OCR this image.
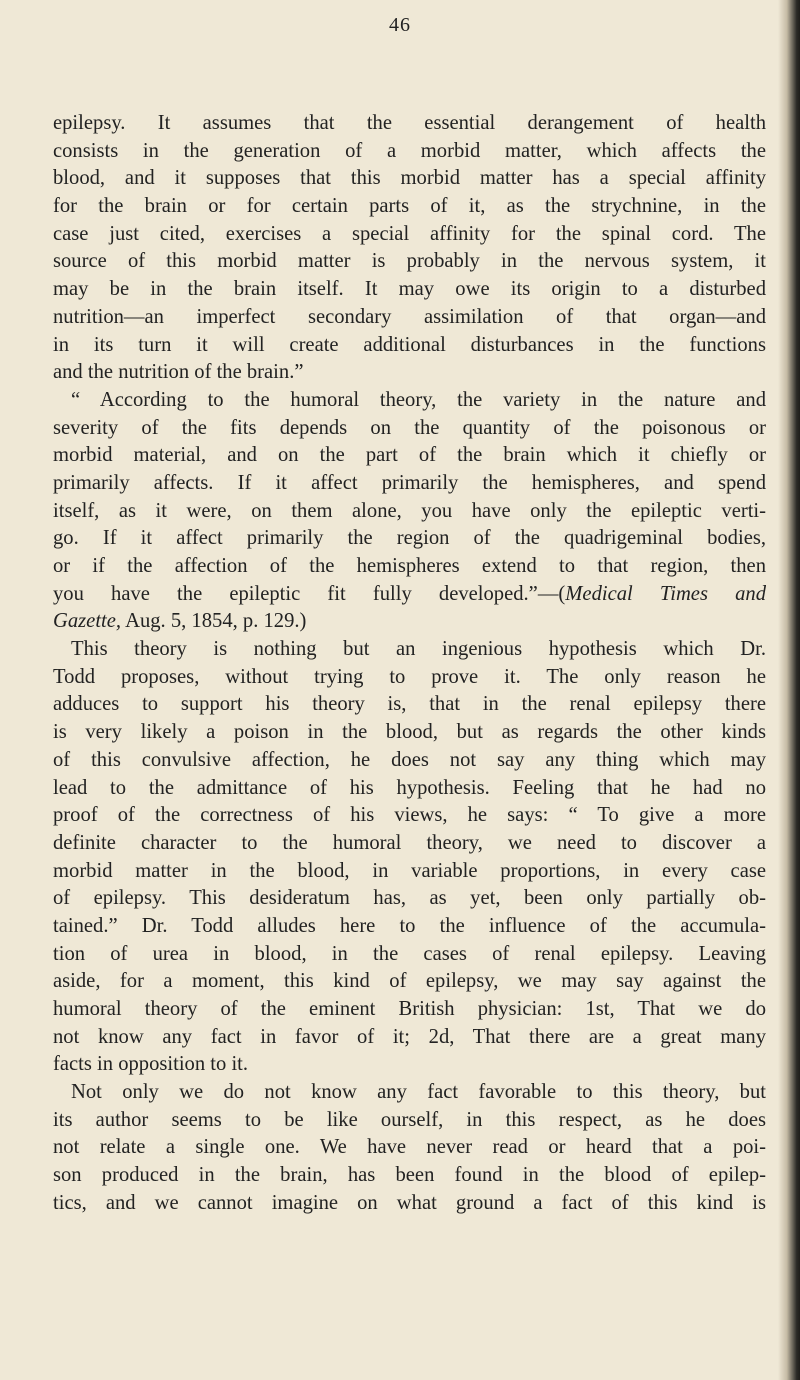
46
epilepsy. It assumes that the essential derangement of health
consists in the generation of a morbid matter, which affects the
blood, and it supposes that this morbid matter has a special affinity
for the brain or for certain parts of it, as the strychnine, in the
case just cited, exercises a special affinity for the spinal cord. The
source of this morbid matter is probably in the nervous system, it
may be in the brain itself. It may owe its origin to a disturbed
nutrition—an imperfect secondary assimilation of that organ—and
in its turn it will create additional disturbances in the functions
and the nutrition of the brain.”
“ According to the humoral theory, the variety in the nature and
severity of the fits depends on the quantity of the poisonous or
morbid material, and on the part of the brain which it chiefly or
primarily affects. If it affect primarily the hemispheres, and spend
itself, as it were, on them alone, you have only the epileptic verti-
go. If it affect primarily the region of the quadrigeminal bodies,
or if the affection of the hemispheres extend to that region, then
you have the epileptic fit fully developed.”—(Medical Times and
Gazette, Aug. 5, 1854, p. 129.)
This theory is nothing but an ingenious hypothesis which Dr.
Todd proposes, without trying to prove it. The only reason he
adduces to support his theory is, that in the renal epilepsy there
is very likely a poison in the blood, but as regards the other kinds
of this convulsive affection, he does not say any thing which may
lead to the admittance of his hypothesis. Feeling that he had no
proof of the correctness of his views, he says: “ To give a more
definite character to the humoral theory, we need to discover a
morbid matter in the blood, in variable proportions, in every case
of epilepsy. This desideratum has, as yet, been only partially ob-
tained.” Dr. Todd alludes here to the influence of the accumula-
tion of urea in blood, in the cases of renal epilepsy. Leaving
aside, for a moment, this kind of epilepsy, we may say against the
humoral theory of the eminent British physician: 1st, That we do
not know any fact in favor of it; 2d, That there are a great many
facts in opposition to it.
Not only we do not know any fact favorable to this theory, but
its author seems to be like ourself, in this respect, as he does
not relate a single one. We have never read or heard that a poi-
son produced in the brain, has been found in the blood of epilep-
tics, and we cannot imagine on what ground a fact of this kind is
